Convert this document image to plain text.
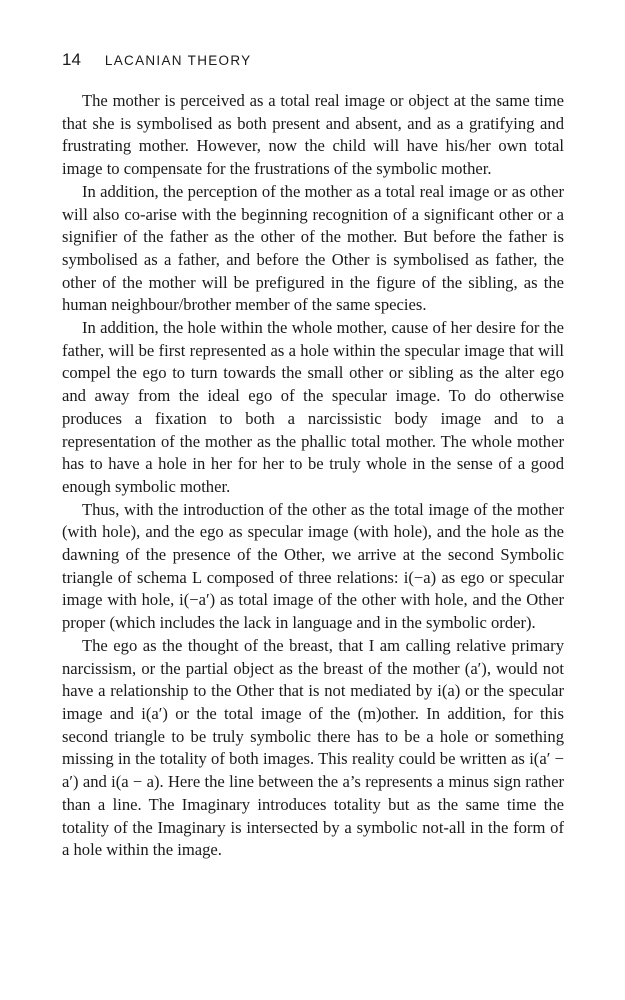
14 LACANIAN THEORY

The mother is perceived as a total real image or object at the same time that she is symbolised as both present and absent, and as a gratifying and frustrating mother. However, now the child will have his/her own total image to compensate for the frustrations of the symbolic mother.

In addition, the perception of the mother as a total real image or as other will also co-arise with the beginning recognition of a significant other or a signifier of the father as the other of the mother. But before the father is symbolised as a father, and before the Other is symbolised as father, the other of the mother will be prefigured in the figure of the sibling, as the human neighbour/brother member of the same species.

In addition, the hole within the whole mother, cause of her desire for the father, will be first represented as a hole within the specular image that will compel the ego to turn towards the small other or sibling as the alter ego and away from the ideal ego of the specular image. To do otherwise produces a fixation to both a narcissistic body image and to a representation of the mother as the phallic total mother. The whole mother has to have a hole in her for her to be truly whole in the sense of a good enough symbolic mother.

Thus, with the introduction of the other as the total image of the mother (with hole), and the ego as specular image (with hole), and the hole as the dawning of the presence of the Other, we arrive at the second Symbolic triangle of schema L composed of three relations: i(−a) as ego or specular image with hole, i(−a′) as total image of the other with hole, and the Other proper (which includes the lack in language and in the symbolic order).

The ego as the thought of the breast, that I am calling relative primary narcissism, or the partial object as the breast of the mother (a′), would not have a relationship to the Other that is not mediated by i(a) or the specular image and i(a′) or the total image of the (m)other. In addition, for this second triangle to be truly symbolic there has to be a hole or something missing in the totality of both images. This reality could be written as i(a′ − a′) and i(a − a). Here the line between the a’s represents a minus sign rather than a line. The Imaginary introduces totality but as the same time the totality of the Imaginary is intersected by a symbolic not-all in the form of a hole within the image.
